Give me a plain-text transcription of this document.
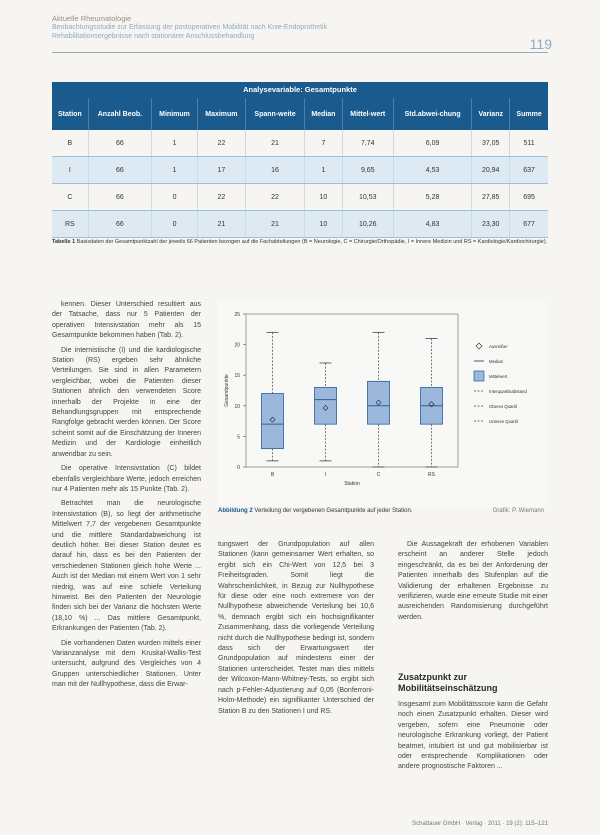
Aktuelle Rheumatologie
Beobachtungsstudie zur Erfassung der postoperativen Mobilität nach Knie-Endoprothetik
Rehabilitationsergebnisse nach stationärer Anschlussbehandlung	119
Analysevariable: Gesamtpunkte
Station	Anzahl Beob.	Minimum	Maximum	Spann-weite	Median	Mittel-wert	Std.abwei-chung	Varianz	Summe
B	66	1	22	21	7	7,74	6,09	37,05	511
I	66	1	17	16	1	9,65	4,53	20,94	637
C	66	0	22	22	10	10,53	5,28	27,85	695
RS	66	0	21	21	10	10,26	4,83	23,30	677
Tabelle 1 Basisdaten der Gesamtpunktzahl der jeweils 66 Patienten bezogen auf die Fachabteilungen (B = Neurologie, C = Chirurgie/Orthopädie, I = Innere Medizin und RS = Kardiologie/Kardiochirurgie).

kennen. Dieser Unterschied resultiert aus der Tatsache, dass nur 5 Patienten der operativen Intensivstation mehr als 15 Gesamtpunkte bekommen haben (Tab. 2).

Die internistische (I) und die kardiologische Station (RS) ergeben sehr ähnliche Verteilungen. Sie sind in allen Parametern vergleichbar, wobei die Patienten dieser Stationen ähnlich den verwendeten Score innerhalb der Projekte in eine der Behandlungsgruppen mit entsprechende Rangfolge gebracht werden können. Der Score scheint somit auf die Einschätzung der Inneren Medizin und der Kardiologie einheitlich anwendbar zu sein.

Die operative Intensivstation (C) bildet ebenfalls vergleichbare Werte, jedoch erreichen nur 4 Patienten mehr als 15 Punkte (Tab. 2).

Betrachtet man die neurologische Intensivstation (B), so liegt der arithmetische Mittelwert 7,7 der vergebenen Gesamtpunkte und die mittlere Standardabweichung ist deutlich höher. Bei dieser Station deutet es darauf hin, dass es bei den Patienten der verschiedenen Stationen gleich hohe Werte ... Auch ist der Median mit einem Wert von 1 sehr niedrig, was auf eine schiefe Verteilung hinweist. Bei den Patienten der Neurologie finden sich bei der Varianz die höchsten Werte (18,10 %) ... Das mittlere Gesamtpunkt, Erkrankungen der Patienten (Tab. 2).

Die vorhandenen Daten wurden mittels einer Varianzanalyse mit dem Kruskal-Wallis-Test untersucht, aufgrund des Vergleiches von 4 Gruppen unterschiedlicher Stationen. Unter man mit der Nullhypothese, dass die Erwar-

0
5
10
15
20
25
Gesamtpunkte
Station
B	I	C	RS
Ausreißer
Median
Mittelwert
Interquartilsabstand
Oberes Quartil
Unteres Quartil
Abbildung 2 Verteilung der vergebenen Gesamtpunkte auf jeder Station.	Grafik: P. Wiemann

tungswert der Grundpopulation auf allen Stationen (kann gemeinsamer Wert erhalten, so ergibt sich ein Chi-Wert von 12,5 bei 3 Freiheitsgraden. Somit liegt die Wahrscheinlichkeit, in Bezug zur Nullhypothese für diese oder eine noch extremere von der Nullhypothese abweichende Verteilung bei 10,6 %, demnach ergibt sich ein hochsignifikanter Zusammenhang, dass die vorliegende Verteilung nicht durch die Nullhypothese bedingt ist, sondern dass sich der Erwartungswert der Grundpopulation auf mindestens einer der Stationen unterscheidet. Testet man dies mittels der Wilcoxon-Mann-Whitney-Tests, so ergibt sich nach p-Fehler-Adjustierung auf 0,05 (Bonferroni-Holm-Methode) ein signifikanter Unterschied der Station B zu den Stationen I und RS.

Die Aussagekraft der erhobenen Variablen erscheint an anderer Stelle jedoch eingeschränkt, da es bei der Anforderung der Patienten innerhalb des Stufenplan auf die Validierung der erhaltenen Ergebnisse zu verifizieren, wurde eine erneute Studie mit einer ausreichenden Randomisierung durchgeführt werden.

Zusatzpunkt zur Mobilitätseinschätzung

Insgesamt zum Mobilitätsscore kann die Gefahr noch einen Zusatzpunkt erhalten. Dieser wird vergeben, sofern eine Pneumonie oder neurologische Erkrankung vorliegt, der Patient beatmet, intubiert ist und gut mobilisierbar ist oder entsprechende Komplikationen oder andere prognostische Faktoren ...

Schattauer GmbH · Verlag · 2011 · 19 (2): 115–121
